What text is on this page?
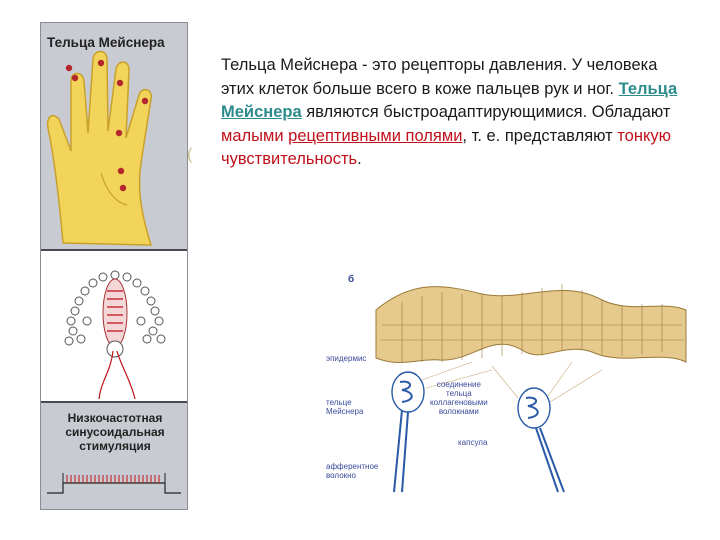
Тельца Мейснера
Низкочастотная синусоидальная стимуляция
(
Тельца Мейснера - это рецепторы давления. У человека этих клеток больше всего в коже пальцев рук и ног. Тельца Мейснера являются быстроадаптирующимися. Обладают малыми рецептивными полями, т. е. представляют тонкую чувствительность.
б
эпидермис
тельце
Мейснера
соединение
тельца
коллагеновыми
волокнами
капсула
афферентное
волокно
